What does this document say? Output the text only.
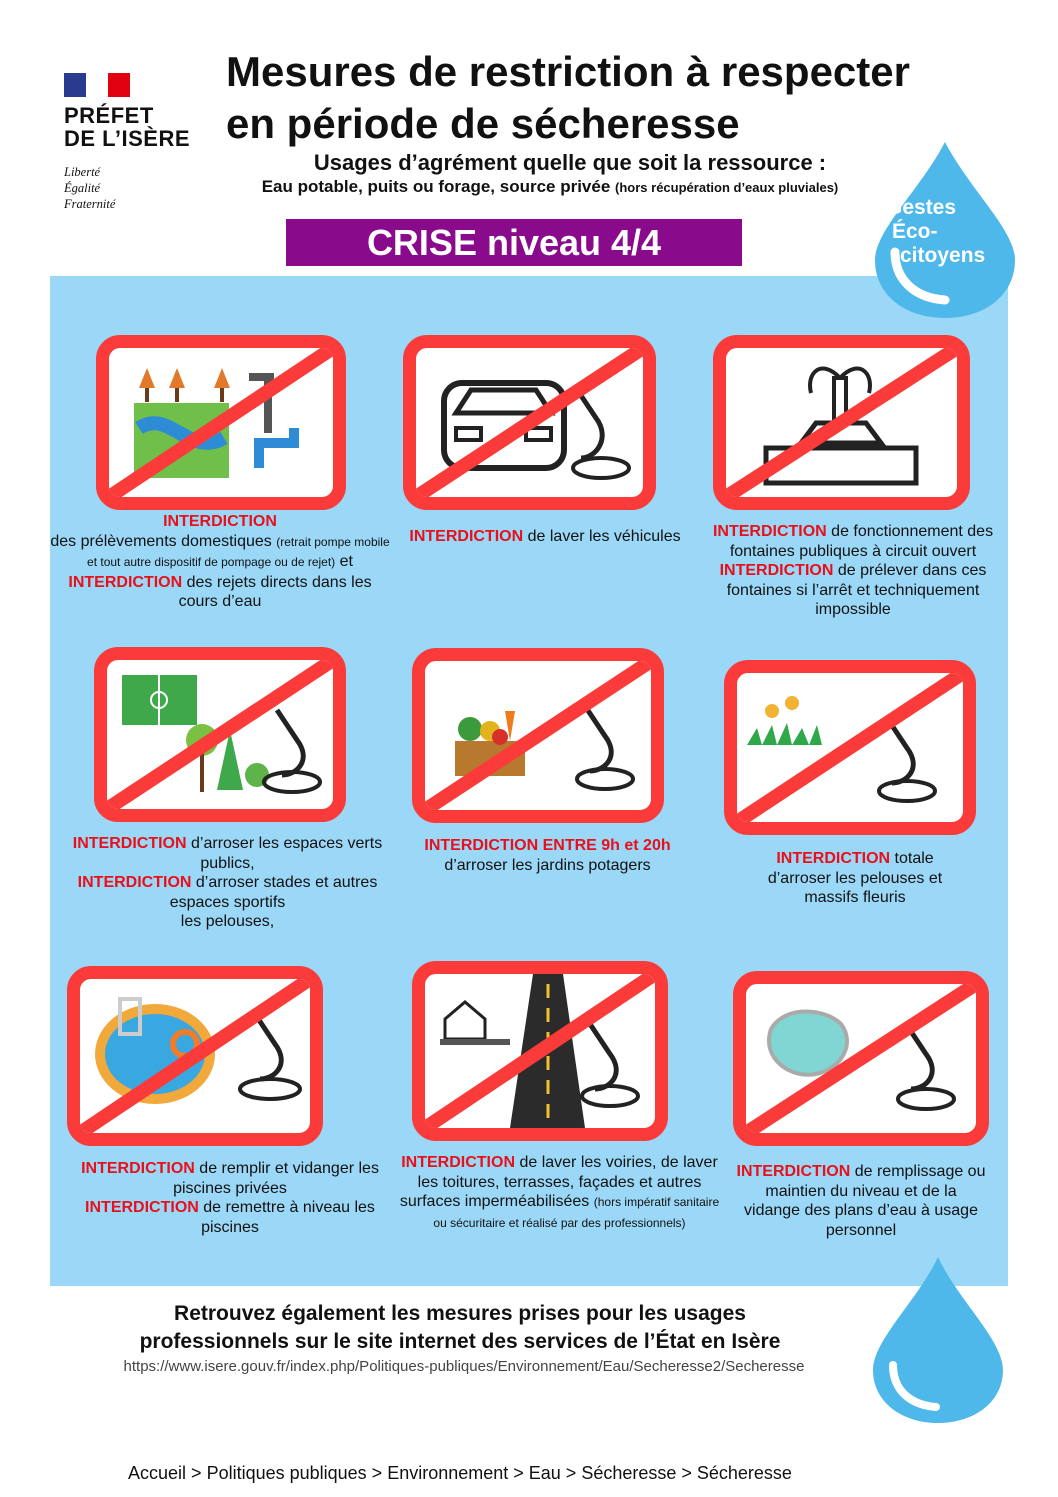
PRÉFET
DE L’ISÈRE
Liberté
Égalité
Fraternité
Mesures de restriction à respecter
en période de sécheresse
Usages d’agrément quelle que soit la ressource :
Eau potable, puits ou forage, source privée (hors récupération d’eaux pluviales)
Gestes
Éco-
citoyens
CRISE niveau 4/4
INTERDICTION
des prélèvements domestiques (retrait pompe mobile et tout autre dispositif de pompage ou de rejet) et INTERDICTION des rejets directs dans les cours d’eau
INTERDICTION de laver les véhicules	INTERDICTION de fonctionnement des fontaines publiques à circuit ouvert
INTERDICTION de prélever dans ces fontaines si l’arrêt et techniquement impossible
INTERDICTION d’arroser les espaces verts publics,
INTERDICTION d’arroser stades et autres espaces sportifs
les pelouses,
INTERDICTION ENTRE 9h et 20h
d’arroser les jardins potagers	INTERDICTION totale d’arroser les pelouses et massifs fleuris
INTERDICTION de remplir et vidanger les piscines privées
INTERDICTION de remettre à niveau les piscines
INTERDICTION de laver les voiries, de laver les toitures, terrasses, façades et autres surfaces imperméabilisées (hors impératif sanitaire ou sécuritaire et réalisé par des professionnels)
INTERDICTION de remplissage ou maintien du niveau et de la vidange des plans d’eau à usage personnel
Retrouvez également les mesures prises pour les usages
professionnels sur le site internet des services de l’État en Isère
https://www.isere.gouv.fr/index.php/Politiques-publiques/Environnement/Eau/Secheresse2/Secheresse
Accueil > Politiques publiques > Environnement > Eau > Sécheresse > Sécheresse
